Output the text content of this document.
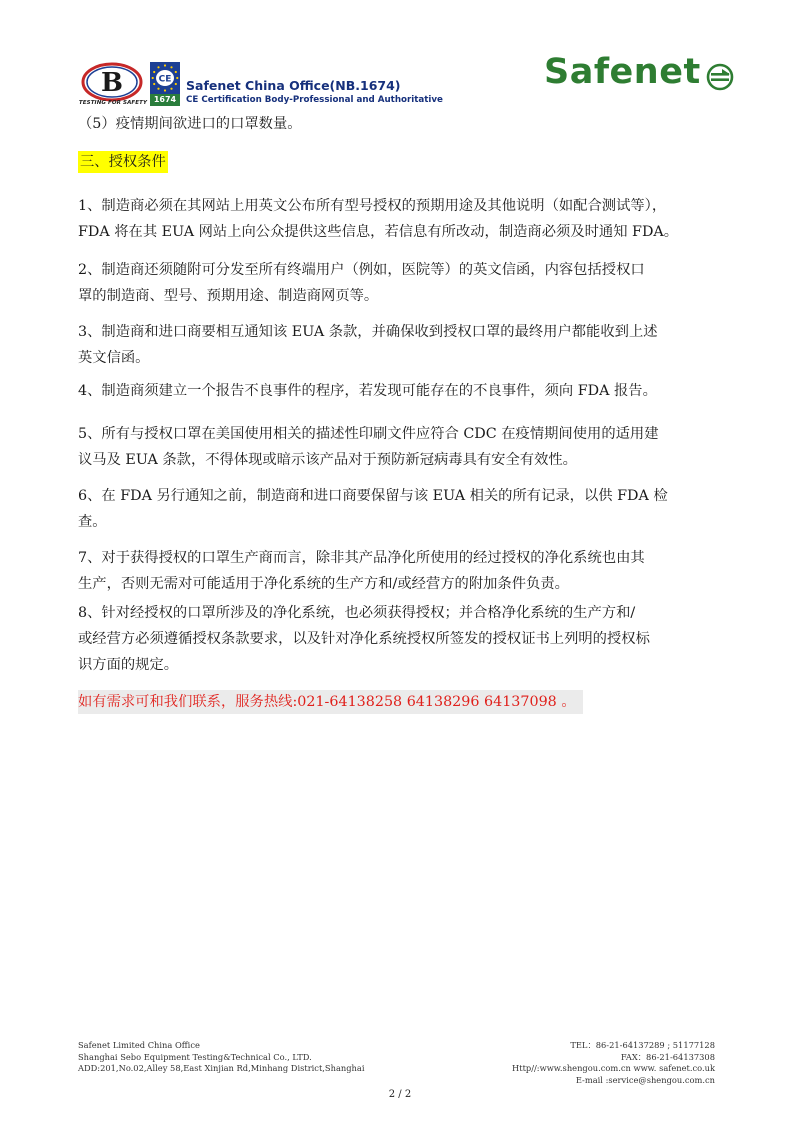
B
TESTING FOR SAFETY
CE
1674
Safenet China Office(NB.1674)
CE Certification Body-Professional and Authoritative
Safenet
（5）疫情期间欲进口的口罩数量。
三、授权条件
1、制造商必须在其网站上用英文公布所有型号授权的预期用途及其他说明（如配合测试等），
FDA 将在其 EUA 网站上向公众提供这些信息，若信息有所改动，制造商必须及时通知 FDA。
2、制造商还须随附可分发至所有终端用户（例如，医院等）的英文信函，内容包括授权口
罩的制造商、型号、预期用途、制造商网页等。
3、制造商和进口商要相互通知该 EUA 条款，并确保收到授权口罩的最终用户都能收到上述
英文信函。
4、制造商须建立一个报告不良事件的程序，若发现可能存在的不良事件，须向 FDA 报告。
5、所有与授权口罩在美国使用相关的描述性印刷文件应符合 CDC 在疫情期间使用的适用建
议马及 EUA 条款，不得体现或暗示该产品对于预防新冠病毒具有安全有效性。
6、在 FDA 另行通知之前，制造商和进口商要保留与该 EUA 相关的所有记录，以供 FDA 检
查。
7、对于获得授权的口罩生产商而言，除非其产品净化所使用的经过授权的净化系统也由其
生产，否则无需对可能适用于净化系统的生产方和/或经营方的附加条件负责。
8、针对经授权的口罩所涉及的净化系统，也必须获得授权；并合格净化系统的生产方和/
或经营方必须遵循授权条款要求，以及针对净化系统授权所签发的授权证书上列明的授权标
识方面的规定。
如有需求可和我们联系，服务热线:021-64138258 64138296 64137098 。
Safenet Limited China Office
Shanghai Sebo Equipment Testing&Technical Co., LTD.
ADD:201,No.02,Alley 58,East Xinjian Rd,Minhang District,Shanghai
TEL：86-21-64137289 ; 51177128
FAX：86-21-64137308
Http//:www.shengou.com.cn www. safenet.co.uk
E-mail :service@shengou.com.cn
2 / 2
